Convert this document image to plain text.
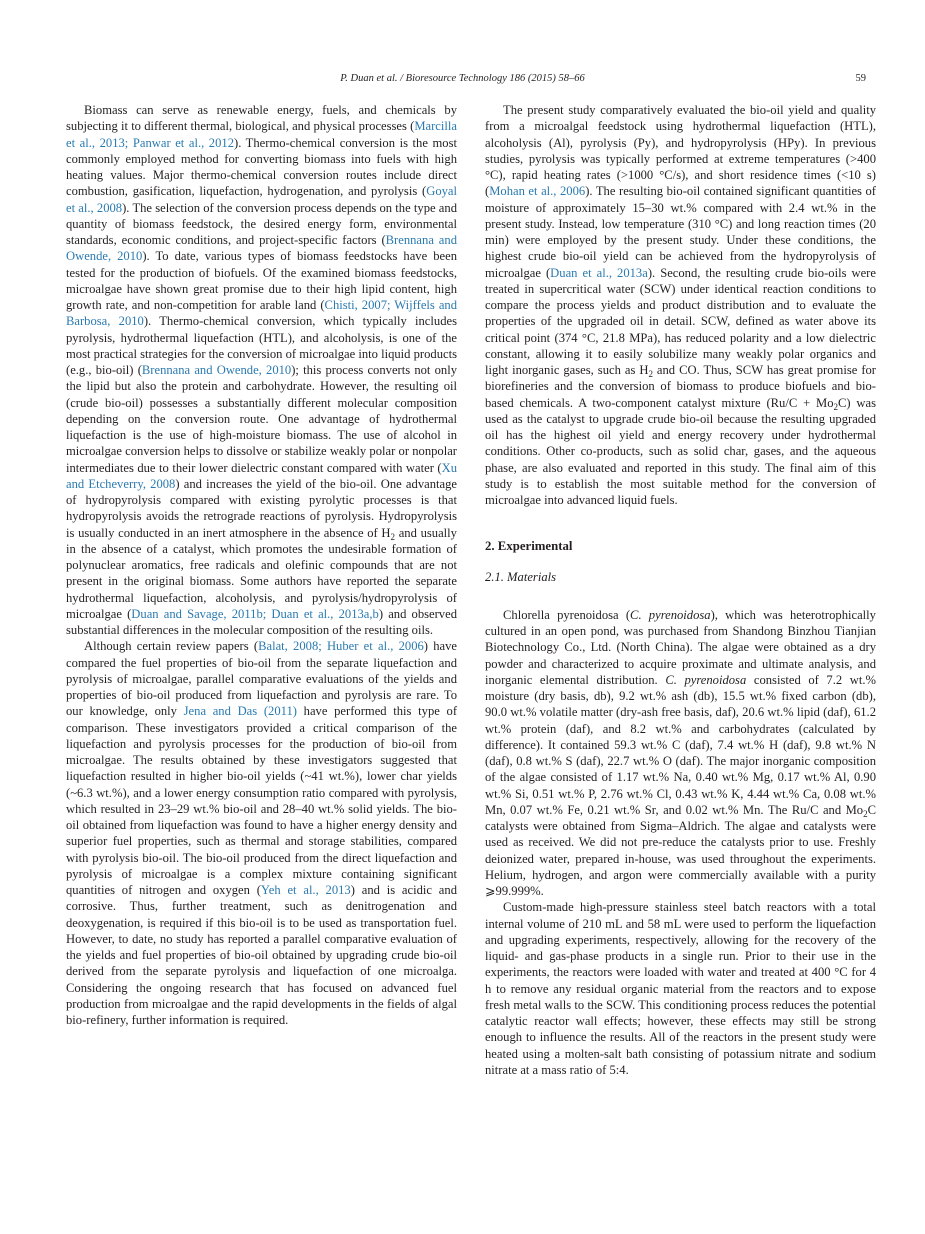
P. Duan et al. / Bioresource Technology 186 (2015) 58–66	59

Biomass can serve as renewable energy, fuels, and chemicals by subjecting it to different thermal, biological, and physical processes (Marcilla et al., 2013; Panwar et al., 2012). Thermo-chemical conversion is the most commonly employed method for converting biomass into fuels with high heating values. Major thermo-chemical conversion routes include direct combustion, gasification, liquefaction, hydrogenation, and pyrolysis (Goyal et al., 2008). The selection of the conversion process depends on the type and quantity of biomass feedstock, the desired energy form, environmental standards, economic conditions, and project-specific factors (Brennana and Owende, 2010). To date, various types of biomass feedstocks have been tested for the production of biofuels. Of the examined biomass feedstocks, microalgae have shown great promise due to their high lipid content, high growth rate, and non-competition for arable land (Chisti, 2007; Wijffels and Barbosa, 2010). Thermo-chemical conversion, which typically includes pyrolysis, hydrothermal liquefaction (HTL), and alcoholysis, is one of the most practical strategies for the conversion of microalgae into liquid products (e.g., bio-oil) (Brennana and Owende, 2010); this process converts not only the lipid but also the protein and carbohydrate. However, the resulting oil (crude bio-oil) possesses a substantially different molecular composition depending on the conversion route. One advantage of hydrothermal liquefaction is the use of high-moisture biomass. The use of alcohol in microalgae conversion helps to dissolve or stabilize weakly polar or nonpolar intermediates due to their lower dielectric constant compared with water (Xu and Etcheverry, 2008) and increases the yield of the bio-oil. One advantage of hydropyrolysis compared with existing pyrolytic processes is that hydropyrolysis avoids the retrograde reactions of pyrolysis. Hydropyrolysis is usually conducted in an inert atmosphere in the absence of $H_2$ and usually in the absence of a catalyst, which promotes the undesirable formation of polynuclear aromatics, free radicals and olefinic compounds that are not present in the original biomass. Some authors have reported the separate hydrothermal liquefaction, alcoholysis, and pyrolysis/hydropyrolysis of microalgae (Duan and Savage, 2011b; Duan et al., 2013a,b) and observed substantial differences in the molecular composition of the resulting oils.

Although certain review papers (Balat, 2008; Huber et al., 2006) have compared the fuel properties of bio-oil from the separate liquefaction and pyrolysis of microalgae, parallel comparative evaluations of the yields and properties of bio-oil produced from liquefaction and pyrolysis are rare. To our knowledge, only Jena and Das (2011) have performed this type of comparison. These investigators provided a critical comparison of the liquefaction and pyrolysis processes for the production of bio-oil from microalgae. The results obtained by these investigators suggested that liquefaction resulted in higher bio-oil yields (~41 wt.%), lower char yields (~6.3 wt.%), and a lower energy consumption ratio compared with pyrolysis, which resulted in 23–29 wt.% bio-oil and 28–40 wt.% solid yields. The bio-oil obtained from liquefaction was found to have a higher energy density and superior fuel properties, such as thermal and storage stabilities, compared with pyrolysis bio-oil. The bio-oil produced from the direct liquefaction and pyrolysis of microalgae is a complex mixture containing significant quantities of nitrogen and oxygen (Yeh et al., 2013) and is acidic and corrosive. Thus, further treatment, such as denitrogenation and deoxygenation, is required if this bio-oil is to be used as transportation fuel. However, to date, no study has reported a parallel comparative evaluation of the yields and fuel properties of bio-oil obtained by upgrading crude bio-oil derived from the separate pyrolysis and liquefaction of one microalga. Considering the ongoing research that has focused on advanced fuel production from microalgae and the rapid developments in the fields of algal bio-refinery, further information is required.

The present study comparatively evaluated the bio-oil yield and quality from a microalgal feedstock using hydrothermal liquefaction (HTL), alcoholysis (Al), pyrolysis (Py), and hydropyrolysis (HPy). In previous studies, pyrolysis was typically performed at extreme temperatures (>400 °C), rapid heating rates (>1000 °C/s), and short residence times (<10 s) (Mohan et al., 2006). The resulting bio-oil contained significant quantities of moisture of approximately 15–30 wt.% compared with 2.4 wt.% in the present study. Instead, low temperature (310 °C) and long reaction times (20 min) were employed by the present study. Under these conditions, the highest crude bio-oil yield can be achieved from the hydropyrolysis of microalgae (Duan et al., 2013a). Second, the resulting crude bio-oils were treated in supercritical water (SCW) under identical reaction conditions to compare the process yields and product distribution and to evaluate the properties of the upgraded oil in detail. SCW, defined as water above its critical point (374 °C, 21.8 MPa), has reduced polarity and a low dielectric constant, allowing it to easily solubilize many weakly polar organics and light inorganic gases, such as $H_2$ and CO. Thus, SCW has great promise for biorefineries and the conversion of biomass to produce biofuels and bio-based chemicals. A two-component catalyst mixture $(Ru/C + Mo_2C)$ was used as the catalyst to upgrade crude bio-oil because the resulting upgraded oil has the highest oil yield and energy recovery under hydrothermal conditions. Other co-products, such as solid char, gases, and the aqueous phase, are also evaluated and reported in this study. The final aim of this study is to establish the most suitable method for the conversion of microalgae into advanced liquid fuels.

2. Experimental
2.1. Materials

Chlorella pyrenoidosa (C. pyrenoidosa), which was heterotrophically cultured in an open pond, was purchased from Shandong Binzhou Tianjian Biotechnology Co., Ltd. (North China). The algae were obtained as a dry powder and characterized to acquire proximate and ultimate analysis, and inorganic elemental distribution. C. pyrenoidosa consisted of 7.2 wt.% moisture (dry basis, db), 9.2 wt.% ash (db), 15.5 wt.% fixed carbon (db), 90.0 wt.% volatile matter (dry-ash free basis, daf), 20.6 wt.% lipid (daf), 61.2 wt.% protein (daf), and 8.2 wt.% and carbohydrates (calculated by difference). It contained 59.3 wt.% C (daf), 7.4 wt.% H (daf), 9.8 wt.% N (daf), 0.8 wt.% S (daf), 22.7 wt.% O (daf). The major inorganic composition of the algae consisted of 1.17 wt.% Na, 0.40 wt.% Mg, 0.17 wt.% Al, 0.90 wt.% Si, 0.51 wt.% P, 2.76 wt.% Cl, 0.43 wt.% K, 4.44 wt.% Ca, 0.08 wt.% Mn, 0.07 wt.% Fe, 0.21 wt.% Sr, and 0.02 wt.% Mn. The Ru/C and $Mo_2C$ catalysts were obtained from Sigma–Aldrich. The algae and catalysts were used as received. We did not pre-reduce the catalysts prior to use. Freshly deionized water, prepared in-house, was used throughout the experiments. Helium, hydrogen, and argon were commercially available with a purity ⩾99.999%.

Custom-made high-pressure stainless steel batch reactors with a total internal volume of 210 mL and 58 mL were used to perform the liquefaction and upgrading experiments, respectively, allowing for the recovery of the liquid- and gas-phase products in a single run. Prior to their use in the experiments, the reactors were loaded with water and treated at 400 °C for 4 h to remove any residual organic material from the reactors and to expose fresh metal walls to the SCW. This conditioning process reduces the potential catalytic reactor wall effects; however, these effects may still be strong enough to influence the results. All of the reactors in the present study were heated using a molten-salt bath consisting of potassium nitrate and sodium nitrate at a mass ratio of 5:4.
